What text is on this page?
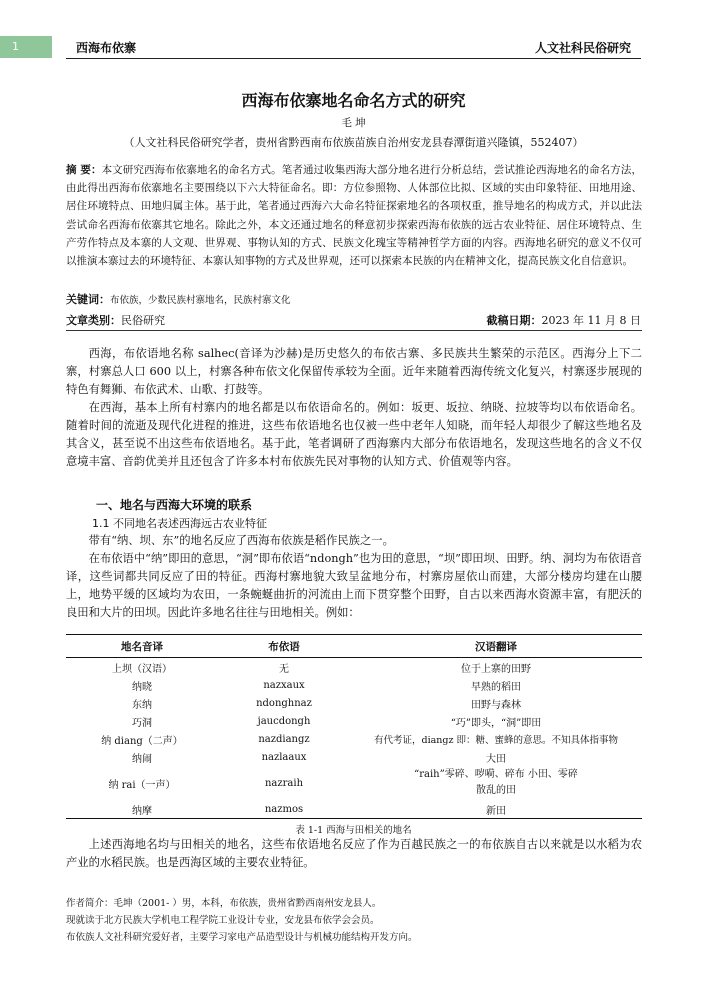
1	西海布依寨	人文社科民俗研究
西海布依寨地名命名方式的研究
毛 坤
（人文社科民俗研究学者，贵州省黔西南布依族苗族自治州安龙县春潭街道兴隆镇，552407）
摘 要：本文研究西海布依寨地名的命名方式。笔者通过收集西海大部分地名进行分析总结，尝试推论西海地名的命名方法，由此得出西海布依寨地名主要围绕以下六大特征命名。即：方位参照物、人体部位比拟、区域的实由印象特征、田地用途、居住环境特点、田地归属主体。基于此，笔者通过西海六大命名特征探索地名的各项权重，推导地名的构成方式，并以此法尝试命名西海布依寨其它地名。除此之外，本文还通过地名的释意初步探索西海布依族的远古农业特征、居住环境特点、生产劳作特点及本寨的人文观、世界观、事物认知的方式、民族文化瑰宝等精神哲学方面的内容。西海地名研究的意义不仅可以推演本寨过去的环境特征、本寨认知事物的方式及世界观，还可以探索本民族的内在精神文化，提高民族文化自信意识。
关键词：布依族，少数民族村寨地名，民族村寨文化
文章类别：民俗研究	截稿日期：2023 年 11 月 8 日

西海，布依语地名称 salhec(音译为沙赫)是历史悠久的布依古寨、多民族共生繁荣的示范区。西海分上下二寨，村寨总人口 600 以上，村寨各种布依文化保留传承较为全面。近年来随着西海传统文化复兴，村寨逐步展现的特色有舞狮、布依武术、山歌、打鼓等。

在西海，基本上所有村寨内的地名都是以布依语命名的。例如：坂更、坂拉、纳晓、拉坡等均以布依语命名。随着时间的流逝及现代化进程的推进，这些布依语地名也仅被一些中老年人知晓，而年轻人却很少了解这些地名及其含义，甚至说不出这些布依语地名。基于此，笔者调研了西海寨内大部分布依语地名，发现这些地名的含义不仅意境丰富、音韵优美并且还包含了许多本村布依族先民对事物的认知方式、价值观等内容。

一、地名与西海大环境的联系
1.1 不同地名表述西海远古农业特征

带有“纳、坝、东”的地名反应了西海布依族是稻作民族之一。

在布依语中“纳”即田的意思，“洞”即布依语“ndongh”也为田的意思，“坝”即田坝、田野。纳、洞均为布依语音译，这些词都共同反应了田的特征。西海村寨地貌大致呈盆地分布，村寨房屋依山而建，大部分楼房均建在山腰上，地势平缓的区域均为农田，一条蜿蜒曲折的河流由上而下贯穿整个田野，自古以来西海水资源丰富，有肥沃的良田和大片的田坝。因此许多地名往往与田地相关。例如：

地名音译	布依语	汉语翻译
上坝（汉语）	无	位于上寨的田野
纳晓	nazxaux	早熟的稻田
东纳	ndonghnaz	田野与森林
巧洞	jaucdongh	“巧”即头，“洞”即田
纳 diang（二声）	nazdiangz	有代考证，diangz 即：糖、蜜蜂的意思。不知具体指事物
纳闹	nazlaaux	大田
纳 rai（一声）	nazraih	“raih”零碎、哕嗬、碎布 小田、零碎散乱的田
纳摩	nazmos	新田
表 1-1 西海与田相关的地名

上述西海地名均与田相关的地名，这些布依语地名反应了作为百越民族之一的布依族自古以来就是以水稻为农产业的水稻民族。也是西海区域的主要农业特征。

作者简介：毛坤（2001- ）男，本科，布依族，贵州省黔西南州安龙县人。
现就读于北方民族大学机电工程学院工业设计专业，安龙县布依学会会员。
布依族人文社科研究爱好者，主要学习家电产品造型设计与机械功能结构开发方向。
